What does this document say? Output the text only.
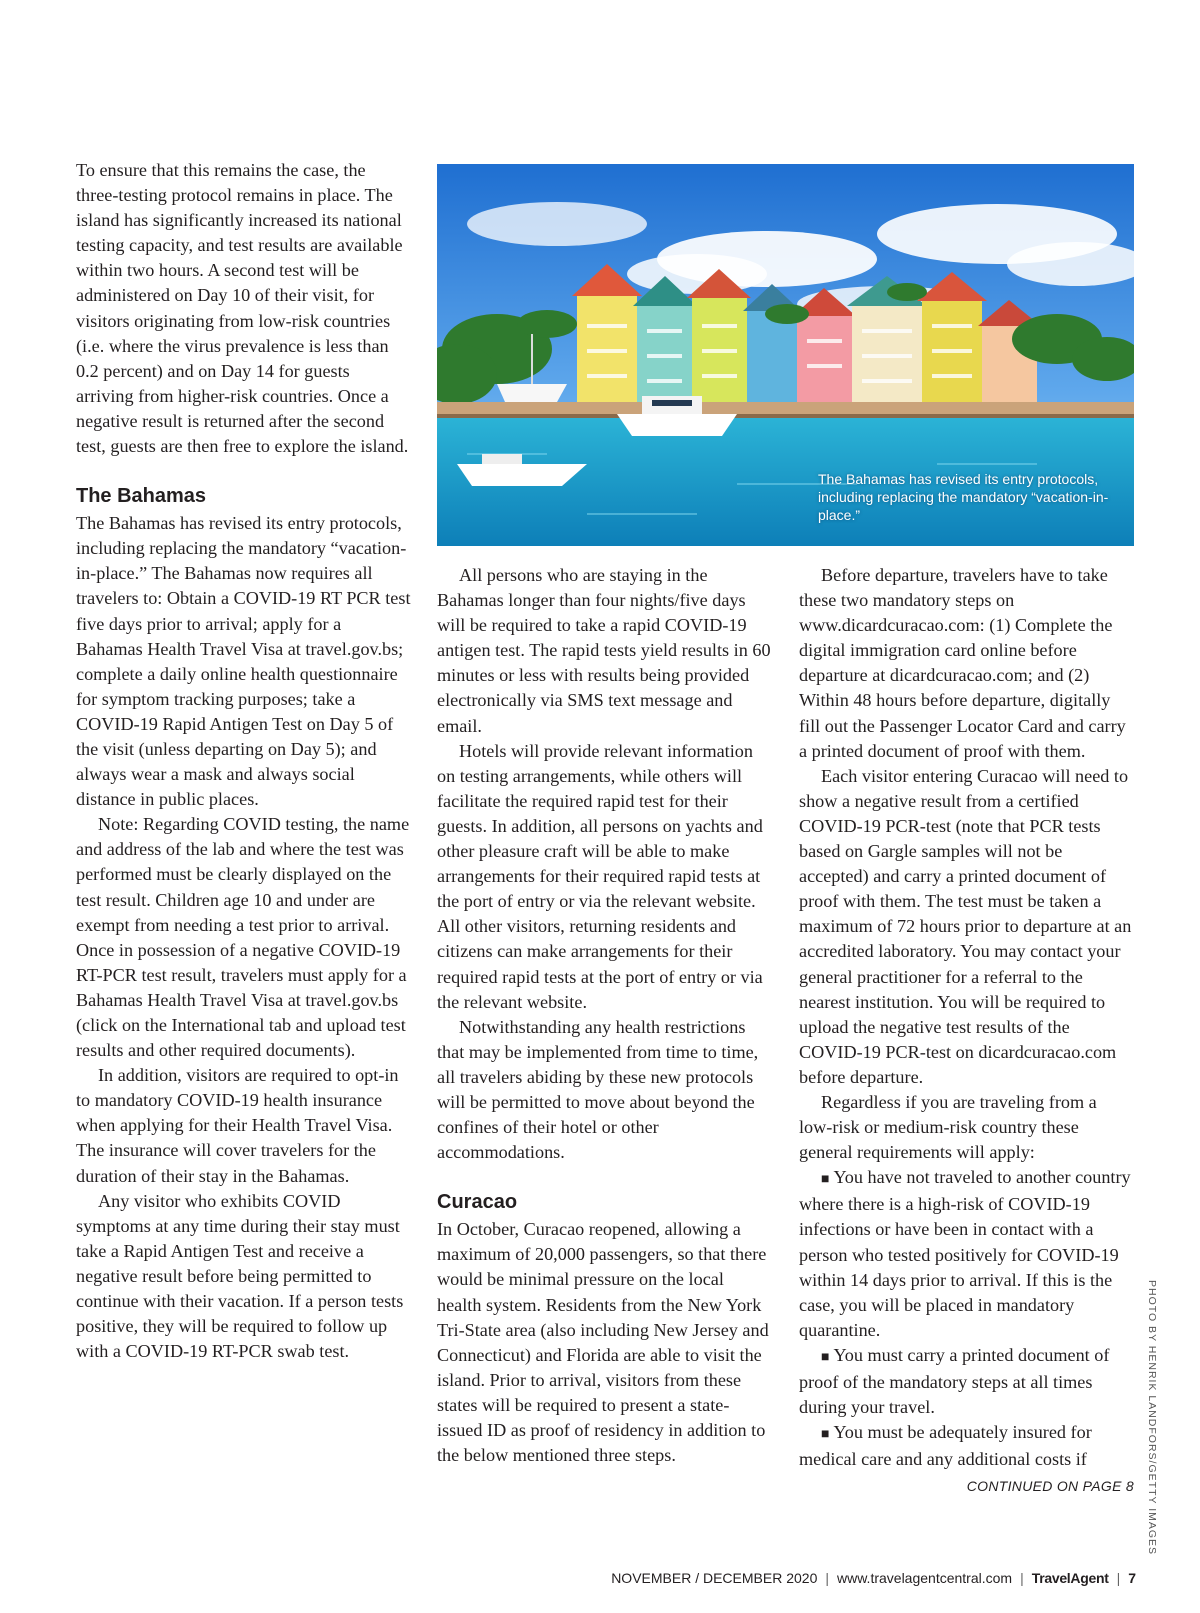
To ensure that this remains the case, the three-testing protocol remains in place. The island has significantly increased its national testing capacity, and test results are available within two hours. A second test will be administered on Day 10 of their visit, for visitors originating from low-risk countries (i.e. where the virus prevalence is less than 0.2 percent) and on Day 14 for guests arriving from higher-risk countries. Once a negative result is returned after the second test, guests are then free to explore the island.

The Bahamas

The Bahamas has revised its entry protocols, including replacing the mandatory “vacation-in-place.” The Bahamas now requires all travelers to: Obtain a COVID-19 RT PCR test five days prior to arrival; apply for a Bahamas Health Travel Visa at travel.gov.bs; complete a daily online health questionnaire for symptom tracking purposes; take a COVID-19 Rapid Antigen Test on Day 5 of the visit (unless departing on Day 5); and always wear a mask and always social distance in public places.

Note: Regarding COVID testing, the name and address of the lab and where the test was performed must be clearly displayed on the test result. Children age 10 and under are exempt from needing a test prior to arrival. Once in possession of a negative COVID-19 RT-PCR test result, travelers must apply for a Bahamas Health Travel Visa at travel.gov.bs (click on the International tab and upload test results and other required documents).

In addition, visitors are required to opt-in to mandatory COVID-19 health insurance when applying for their Health Travel Visa. The insurance will cover travelers for the duration of their stay in the Bahamas.

Any visitor who exhibits COVID symptoms at any time during their stay must take a Rapid Antigen Test and receive a negative result before being permitted to continue with their vacation. If a person tests positive, they will be required to follow up with a COVID-19 RT-PCR swab test.

The Bahamas has revised its entry protocols, including replacing the mandatory “vacation-in-place.”
PHOTO BY HENRIK LANDFORS/GETTY IMAGES

All persons who are staying in the Bahamas longer than four nights/five days will be required to take a rapid COVID-19 antigen test. The rapid tests yield results in 60 minutes or less with results being provided electronically via SMS text message and email.

Hotels will provide relevant information on testing arrangements, while others will facilitate the required rapid test for their guests. In addition, all persons on yachts and other pleasure craft will be able to make arrangements for their required rapid tests at the port of entry or via the relevant website. All other visitors, returning residents and citizens can make arrangements for their required rapid tests at the port of entry or via the relevant website.

Notwithstanding any health restrictions that may be implemented from time to time, all travelers abiding by these new protocols will be permitted to move about beyond the confines of their hotel or other accommodations.

Curacao

In October, Curacao reopened, allowing a maximum of 20,000 passengers, so that there would be minimal pressure on the local health system. Residents from the New York Tri-State area (also including New Jersey and Connecticut) and Florida are able to visit the island. Prior to arrival, visitors from these states will be required to present a state-issued ID as proof of residency in addition to the below mentioned three steps.

Before departure, travelers have to take these two mandatory steps on www.dicardcuracao.com: (1) Complete the digital immigration card online before departure at dicardcuracao.com; and (2) Within 48 hours before departure, digitally fill out the Passenger Locator Card and carry a printed document of proof with them.

Each visitor entering Curacao will need to show a negative result from a certified COVID-19 PCR-test (note that PCR tests based on Gargle samples will not be accepted) and carry a printed document of proof with them. The test must be taken a maximum of 72 hours prior to departure at an accredited laboratory. You may contact your general practitioner for a referral to the nearest institution. You will be required to upload the negative test results of the COVID-19 PCR-test on dicardcuracao.com before departure.

Regardless if you are traveling from a low-risk or medium-risk country these general requirements will apply:

■ You have not traveled to another country where there is a high-risk of COVID-19 infections or have been in contact with a person who tested positively for COVID-19 within 14 days prior to arrival. If this is the case, you will be placed in mandatory quarantine.

■ You must carry a printed document of proof of the mandatory steps at all times during your travel.

■ You must be adequately insured for medical care and any additional costs if

CONTINUED ON PAGE 8
NOVEMBER / DECEMBER 2020 | www.travelagentcentral.com | TravelAgent | 7
